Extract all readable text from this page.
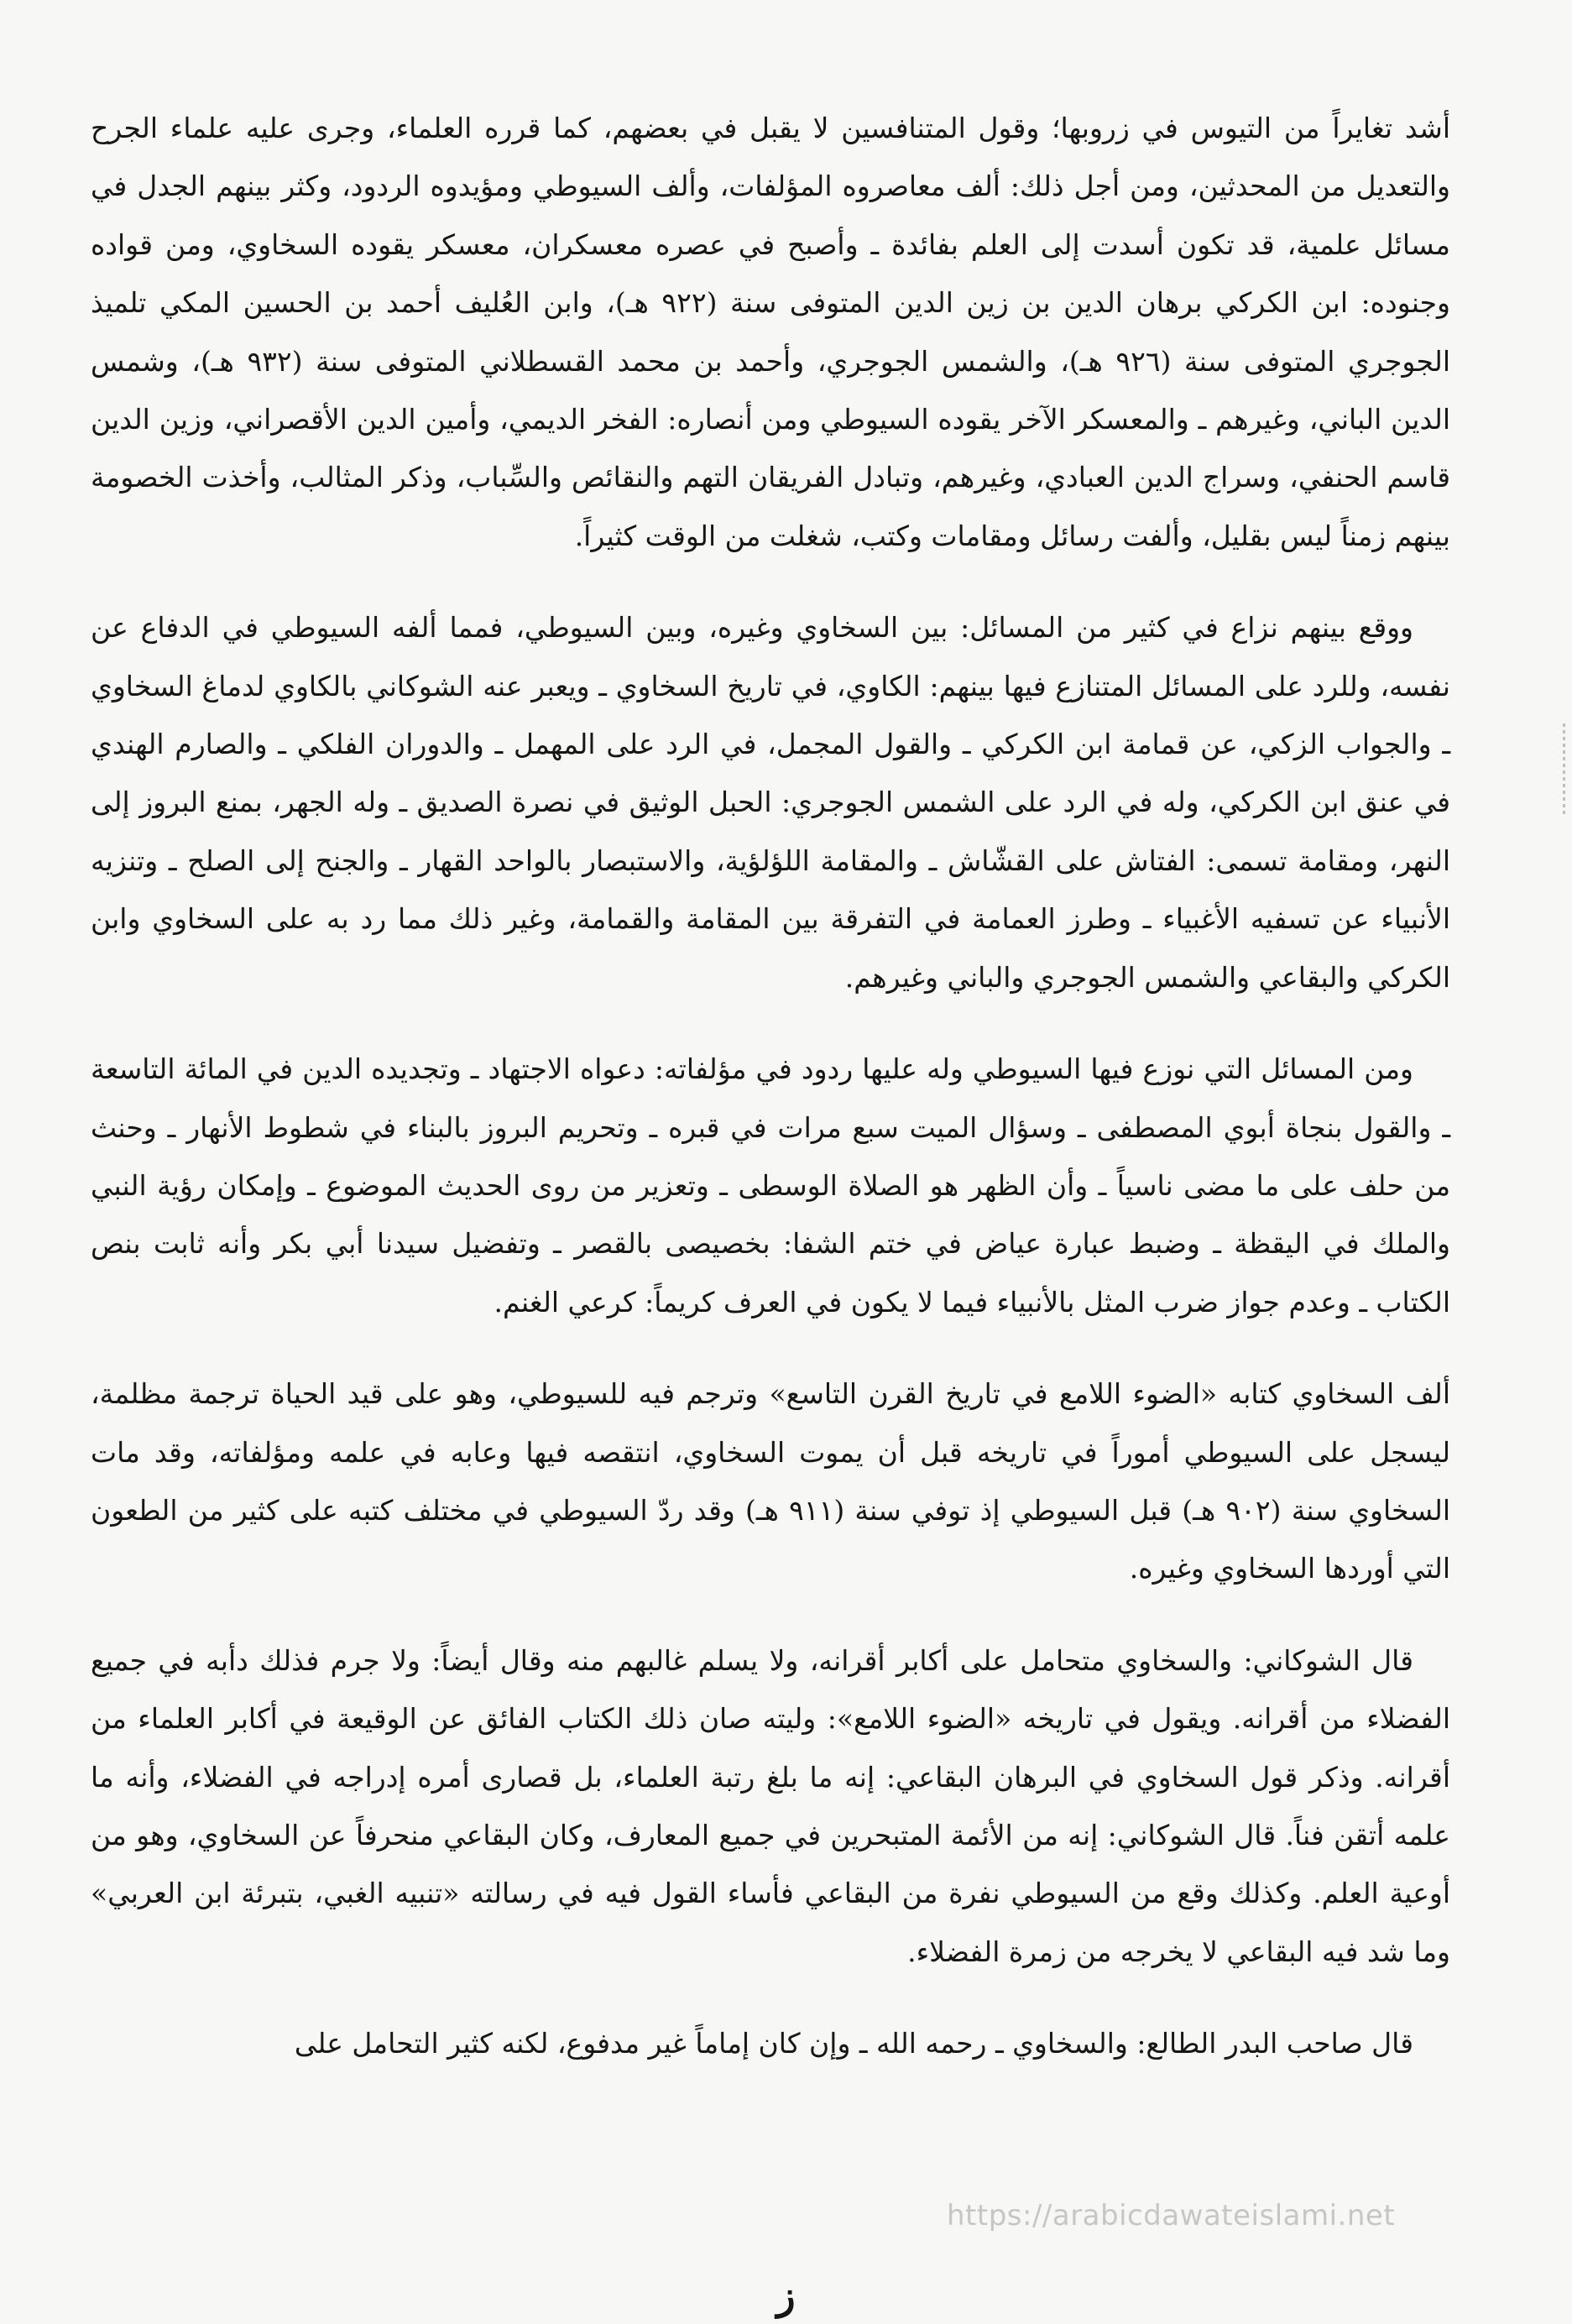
أشد تغايراً من التيوس في زروبها؛ وقول المتنافسين لا يقبل في بعضهم، كما قرره العلماء، وجرى عليه علماء الجرح والتعديل من المحدثين، ومن أجل ذلك: ألف معاصروه المؤلفات، وألف السيوطي ومؤيدوه الردود، وكثر بينهم الجدل في مسائل علمية، قد تكون أسدت إلى العلم بفائدة ـ وأصبح في عصره معسكران، معسكر يقوده السخاوي، ومن قواده وجنوده: ابن الكركي برهان الدين بن زين الدين المتوفى سنة (٩٢٢ هـ)، وابن العُليف أحمد بن الحسين المكي تلميذ الجوجري المتوفى سنة (٩٢٦ هـ)، والشمس الجوجري، وأحمد بن محمد القسطلاني المتوفى سنة (٩٣٢ هـ)، وشمس الدين الباني، وغيرهم ـ والمعسكر الآخر يقوده السيوطي ومن أنصاره: الفخر الديمي، وأمين الدين الأقصراني، وزين الدين قاسم الحنفي، وسراج الدين العبادي، وغيرهم، وتبادل الفريقان التهم والنقائص والسِّباب، وذكر المثالب، وأخذت الخصومة بينهم زمناً ليس بقليل، وألفت رسائل ومقامات وكتب، شغلت من الوقت كثيراً.

ووقع بينهم نزاع في كثير من المسائل: بين السخاوي وغيره، وبين السيوطي، فمما ألفه السيوطي في الدفاع عن نفسه، وللرد على المسائل المتنازع فيها بينهم: الكاوي، في تاريخ السخاوي ـ ويعبر عنه الشوكاني بالكاوي لدماغ السخاوي ـ والجواب الزكي، عن قمامة ابن الكركي ـ والقول المجمل، في الرد على المهمل ـ والدوران الفلكي ـ والصارم الهندي في عنق ابن الكركي، وله في الرد على الشمس الجوجري: الحبل الوثيق في نصرة الصديق ـ وله الجهر، بمنع البروز إلى النهر، ومقامة تسمى: الفتاش على القشّاش ـ والمقامة اللؤلؤية، والاستبصار بالواحد القهار ـ والجنح إلى الصلح ـ وتنزيه الأنبياء عن تسفيه الأغبياء ـ وطرز العمامة في التفرقة بين المقامة والقمامة، وغير ذلك مما رد به على السخاوي وابن الكركي والبقاعي والشمس الجوجري والباني وغيرهم.

ومن المسائل التي نوزع فيها السيوطي وله عليها ردود في مؤلفاته: دعواه الاجتهاد ـ وتجديده الدين في المائة التاسعة ـ والقول بنجاة أبوي المصطفى ـ وسؤال الميت سبع مرات في قبره ـ وتحريم البروز بالبناء في شطوط الأنهار ـ وحنث من حلف على ما مضى ناسياً ـ وأن الظهر هو الصلاة الوسطى ـ وتعزير من روى الحديث الموضوع ـ وإمكان رؤية النبي والملك في اليقظة ـ وضبط عبارة عياض في ختم الشفا: بخصيصى بالقصر ـ وتفضيل سيدنا أبي بكر وأنه ثابت بنص الكتاب ـ وعدم جواز ضرب المثل بالأنبياء فيما لا يكون في العرف كريماً: كرعي الغنم.

ألف السخاوي كتابه «الضوء اللامع في تاريخ القرن التاسع» وترجم فيه للسيوطي، وهو على قيد الحياة ترجمة مظلمة، ليسجل على السيوطي أموراً في تاريخه قبل أن يموت السخاوي، انتقصه فيها وعابه في علمه ومؤلفاته، وقد مات السخاوي سنة (٩٠٢ هـ) قبل السيوطي إذ توفي سنة (٩١١ هـ) وقد ردّ السيوطي في مختلف كتبه على كثير من الطعون التي أوردها السخاوي وغيره.

قال الشوكاني: والسخاوي متحامل على أكابر أقرانه، ولا يسلم غالبهم منه وقال أيضاً: ولا جرم فذلك دأبه في جميع الفضلاء من أقرانه. ويقول في تاريخه «الضوء اللامع»: وليته صان ذلك الكتاب الفائق عن الوقيعة في أكابر العلماء من أقرانه. وذكر قول السخاوي في البرهان البقاعي: إنه ما بلغ رتبة العلماء، بل قصارى أمره إدراجه في الفضلاء، وأنه ما علمه أتقن فناً. قال الشوكاني: إنه من الأئمة المتبحرين في جميع المعارف، وكان البقاعي منحرفاً عن السخاوي، وهو من أوعية العلم. وكذلك وقع من السيوطي نفرة من البقاعي فأساء القول فيه في رسالته «تنبيه الغبي، بتبرئة ابن العربي» وما شد فيه البقاعي لا يخرجه من زمرة الفضلاء.

قال صاحب البدر الطالع: والسخاوي ـ رحمه الله ـ وإن كان إماماً غير مدفوع، لكنه كثير التحامل على

https://arabicdawateislami.net
ز
